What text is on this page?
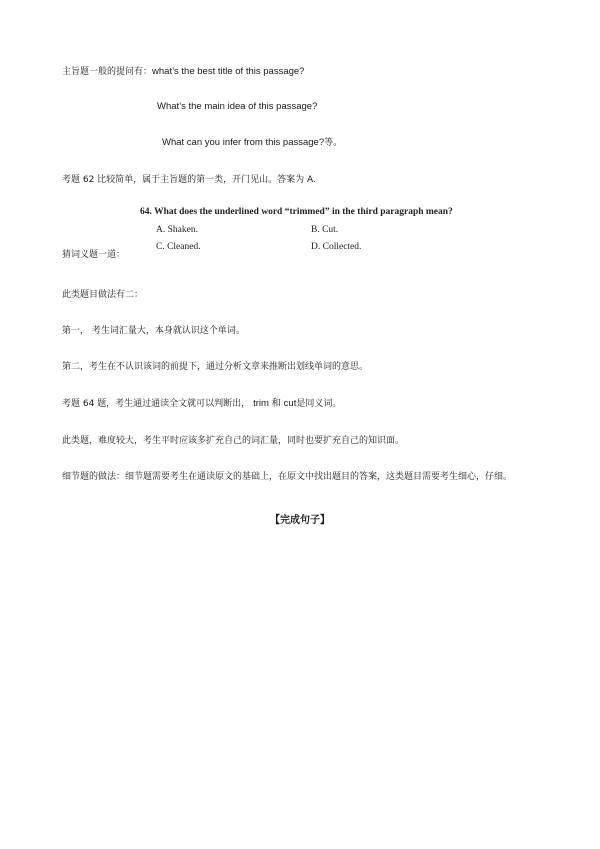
主旨题一般的提问有：what’s the best title of this passage?
What’s the main idea of this passage?
What can you infer from this passage?等。
考题 62 比较简单，属于主旨题的第一类，开门见山。答案为 A.
64. What does the underlined word “trimmed” in the third paragraph mean?
A. Shaken.	B. Cut.
C. Cleaned.	D. Collected.
猜词义题一道：
此类题目做法有二：
第一， 考生词汇量大，本身就认识这个单词。
第二，考生在不认识该词的前提下，通过分析文章来推断出划线单词的意思。
考题 64 题，考生通过通读全文就可以判断出， trim 和 cut是同义词。
此类题，难度较大，考生平时应该多扩充自己的词汇量，同时也要扩充自己的知识面。
细节题的做法：细节题需要考生在通读原文的基础上，在原文中找出题目的答案，这类题目需要考生细心，仔细。
【完成句子】
